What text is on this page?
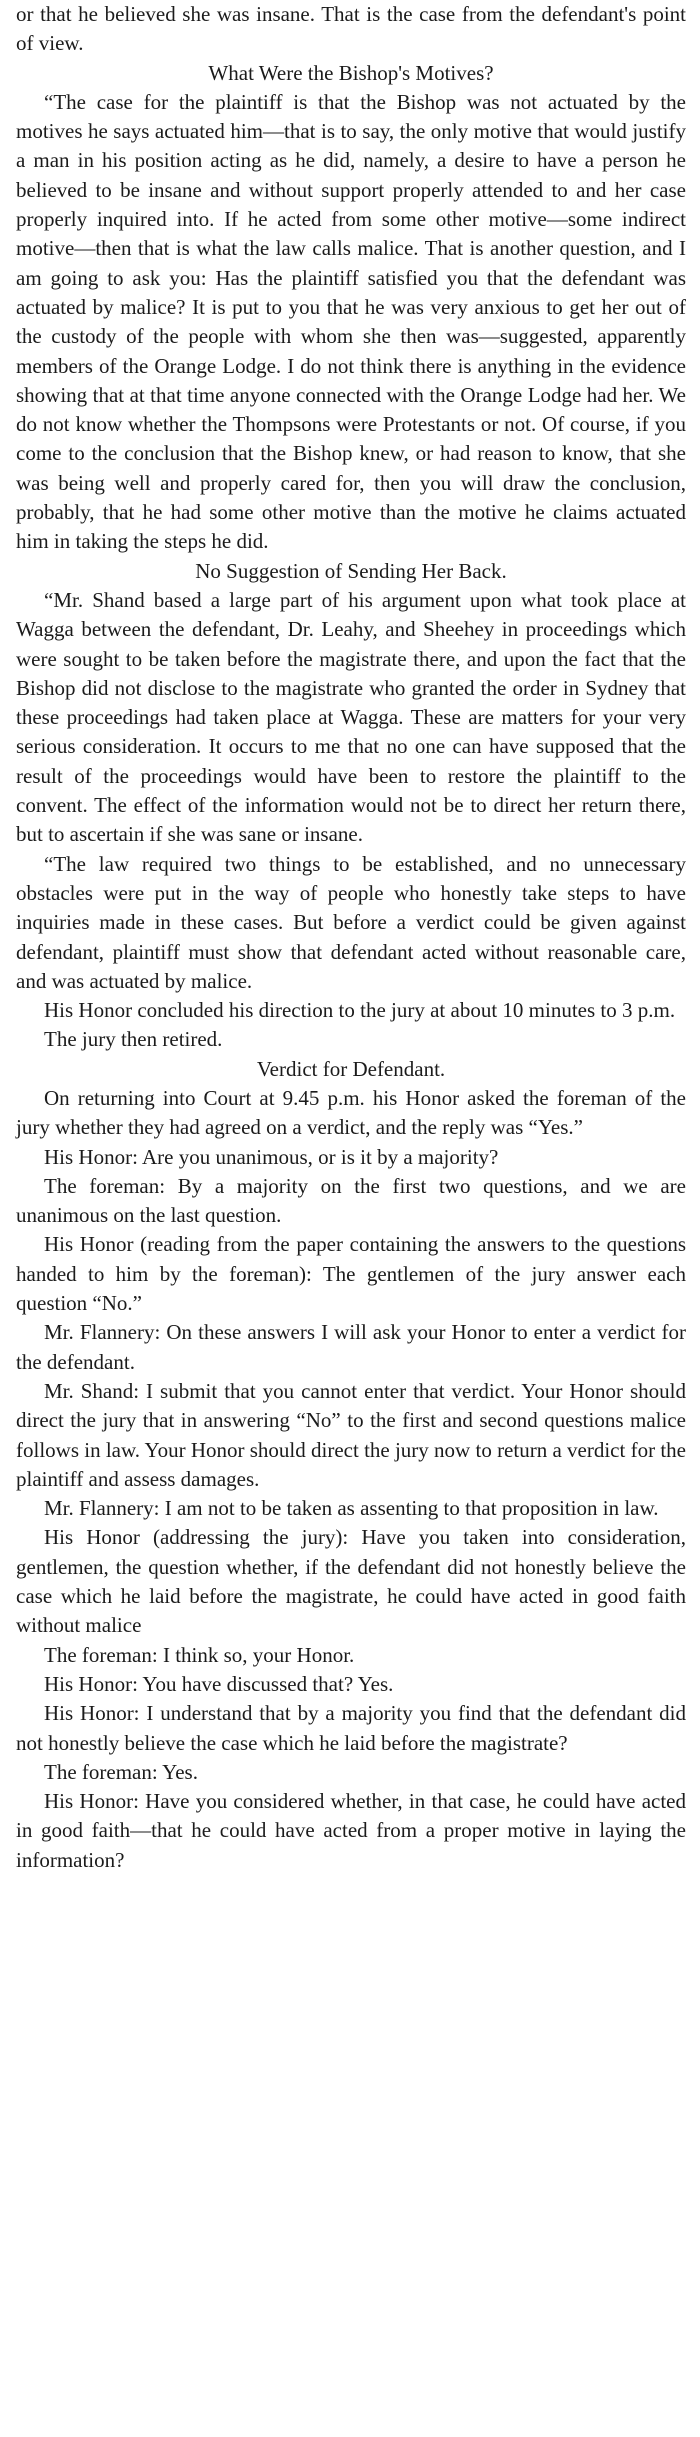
or that he believed she was insane. That is the case from the defendant's point of view.

What Were the Bishop's Motives?

“The case for the plaintiff is that the Bishop was not actuated by the motives he says actuated him—that is to say, the only motive that would justify a man in his position acting as he did, namely, a desire to have a person he believed to be insane and without support properly attended to and her case properly inquired into. If he acted from some other motive—some indirect motive—then that is what the law calls malice. That is another question, and I am going to ask you: Has the plaintiff satisfied you that the defendant was actuated by malice? It is put to you that he was very anxious to get her out of the custody of the people with whom she then was—suggested, apparently members of the Orange Lodge. I do not think there is anything in the evidence showing that at that time anyone connected with the Orange Lodge had her. We do not know whether the Thompsons were Protestants or not. Of course, if you come to the conclusion that the Bishop knew, or had reason to know, that she was being well and properly cared for, then you will draw the conclusion, probably, that he had some other motive than the motive he claims actuated him in taking the steps he did.

No Suggestion of Sending Her Back.

“Mr. Shand based a large part of his argument upon what took place at Wagga between the defendant, Dr. Leahy, and Sheehey in proceedings which were sought to be taken before the magistrate there, and upon the fact that the Bishop did not disclose to the magistrate who granted the order in Sydney that these proceedings had taken place at Wagga. These are matters for your very serious consideration. It occurs to me that no one can have supposed that the result of the proceedings would have been to restore the plaintiff to the convent. The effect of the information would not be to direct her return there, but to ascertain if she was sane or insane.

“The law required two things to be established, and no unnecessary obstacles were put in the way of people who honestly take steps to have inquiries made in these cases. But before a verdict could be given against defendant, plaintiff must show that defendant acted without reasonable care, and was actuated by malice.

His Honor concluded his direction to the jury at about 10 minutes to 3 p.m.

The jury then retired.

Verdict for Defendant.

On returning into Court at 9.45 p.m. his Honor asked the foreman of the jury whether they had agreed on a verdict, and the reply was “Yes.”

His Honor: Are you unanimous, or is it by a majority?

The foreman: By a majority on the first two questions, and we are unanimous on the last question.

His Honor (reading from the paper containing the answers to the questions handed to him by the foreman): The gentlemen of the jury answer each question “No.”

Mr. Flannery: On these answers I will ask your Honor to enter a verdict for the defendant.

Mr. Shand: I submit that you cannot enter that verdict. Your Honor should direct the jury that in answering “No” to the first and second questions malice follows in law. Your Honor should direct the jury now to return a verdict for the plaintiff and assess damages.

Mr. Flannery: I am not to be taken as assenting to that proposition in law.

His Honor (addressing the jury): Have you taken into consideration, gentlemen, the question whether, if the defendant did not honestly believe the case which he laid before the magistrate, he could have acted in good faith without malice

The foreman: I think so, your Honor.

His Honor: You have discussed that? Yes.

His Honor: I understand that by a majority you find that the defendant did not honestly believe the case which he laid before the magistrate?

The foreman: Yes.

His Honor: Have you considered whether, in that case, he could have acted in good faith—that he could have acted from a proper motive in laying the information?
